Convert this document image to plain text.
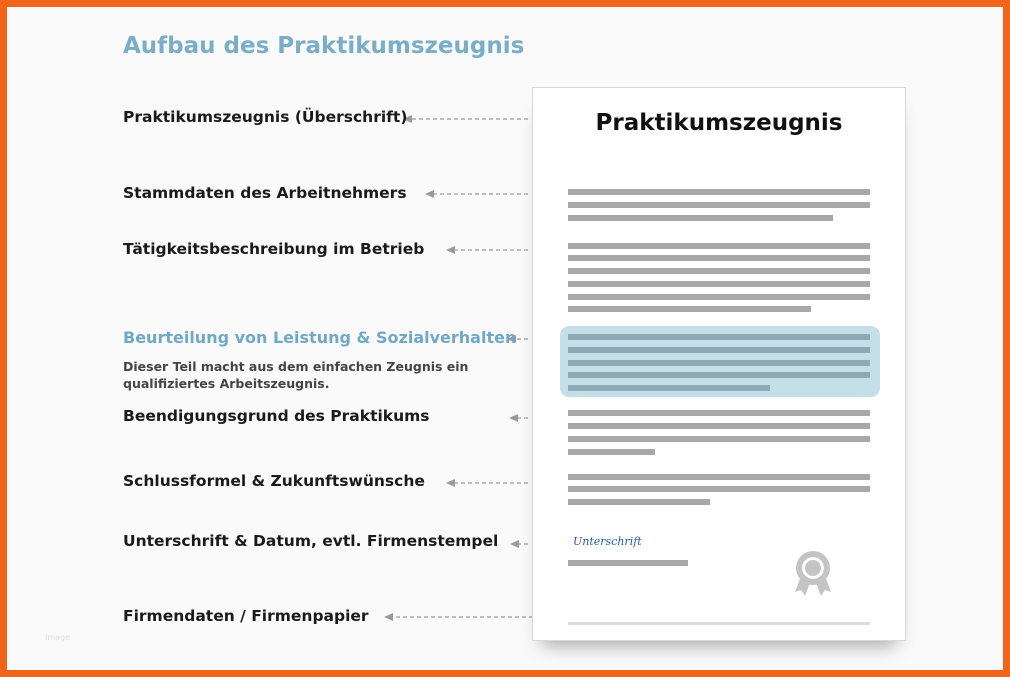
Aufbau des Praktikumszeugnis
Praktikumszeugnis (Überschrift)
Stammdaten des Arbeitnehmers
Tätigkeitsbeschreibung im Betrieb
Beurteilung von Leistung & Sozialverhalten
Dieser Teil macht aus dem einfachen Zeugnis ein qualifiziertes Arbeitszeugnis.
Beendigungsgrund des Praktikums
Schlussformel & Zukunftswünsche
Unterschrift & Datum, evtl. Firmenstempel
Firmendaten / Firmenpapier
Praktikumszeugnis
Unterschrift
Image
